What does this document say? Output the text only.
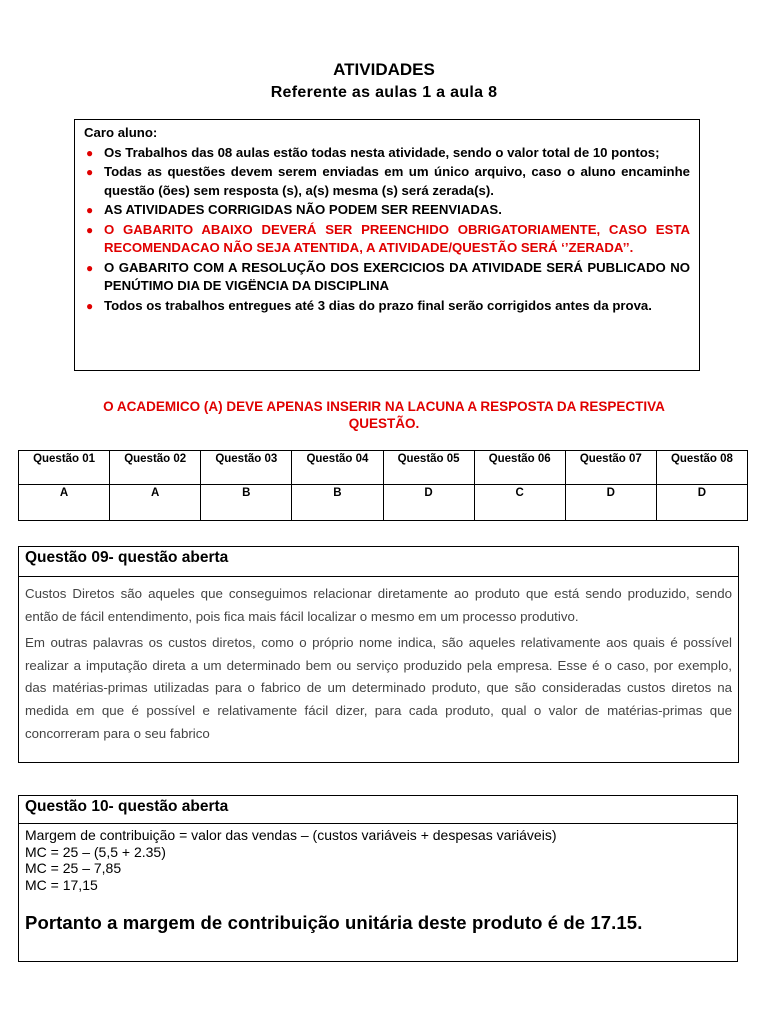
ATIVIDADES
Referente as aulas 1 a aula 8
Caro aluno:
● Os Trabalhos das 08 aulas estão todas nesta atividade, sendo o valor total de 10 pontos;
● Todas as questões devem serem enviadas em um único arquivo, caso o aluno encaminhe questão (ões) sem resposta (s), a(s) mesma (s) será zerada(s).
● AS ATIVIDADES CORRIGIDAS NÃO PODEM SER REENVIADAS.
● O GABARITO ABAIXO DEVERÁ SER PREENCHIDO OBRIGATORIAMENTE, CASO ESTA RECOMENDACAO NÃO SEJA ATENTIDA, A ATIVIDADE/QUESTÃO SERÁ ‘’ZERADA’’.
● O GABARITO COM A RESOLUÇÃO DOS EXERCICIOS DA ATIVIDADE SERÁ PUBLICADO NO PENÚTIMO DIA DE VIGËNCIA DA DISCIPLINA
● Todos os trabalhos entregues até 3 dias do prazo final serão corrigidos antes da prova.
O ACADEMICO (A) DEVE APENAS INSERIR NA LACUNA A RESPOSTA DA RESPECTIVA QUESTÃO.
Questão 01	Questão 02	Questão 03	Questão 04	Questão 05	Questão 06	Questão 07	Questão 08
A	A	B	B	D	C	D	D
Questão 09- questão aberta

Custos Diretos são aqueles que conseguimos relacionar diretamente ao produto que está sendo produzido, sendo então de fácil entendimento, pois fica mais fácil localizar o mesmo em um processo produtivo.

Em outras palavras os custos diretos, como o próprio nome indica, são aqueles relativamente aos quais é possível realizar a imputação direta a um determinado bem ou serviço produzido pela empresa. Esse é o caso, por exemplo, das matérias-primas utilizadas para o fabrico de um determinado produto, que são consideradas custos diretos na medida em que é possível e relativamente fácil dizer, para cada produto, qual o valor de matérias-primas que concorreram para o seu fabrico

Questão 10- questão aberta
Margem de contribuição = valor das vendas – (custos variáveis + despesas variáveis)
MC = 25 – (5,5 + 2.35)
MC = 25 – 7,85
MC = 17,15
Portanto a margem de contribuição unitária deste produto é de 17.15.
